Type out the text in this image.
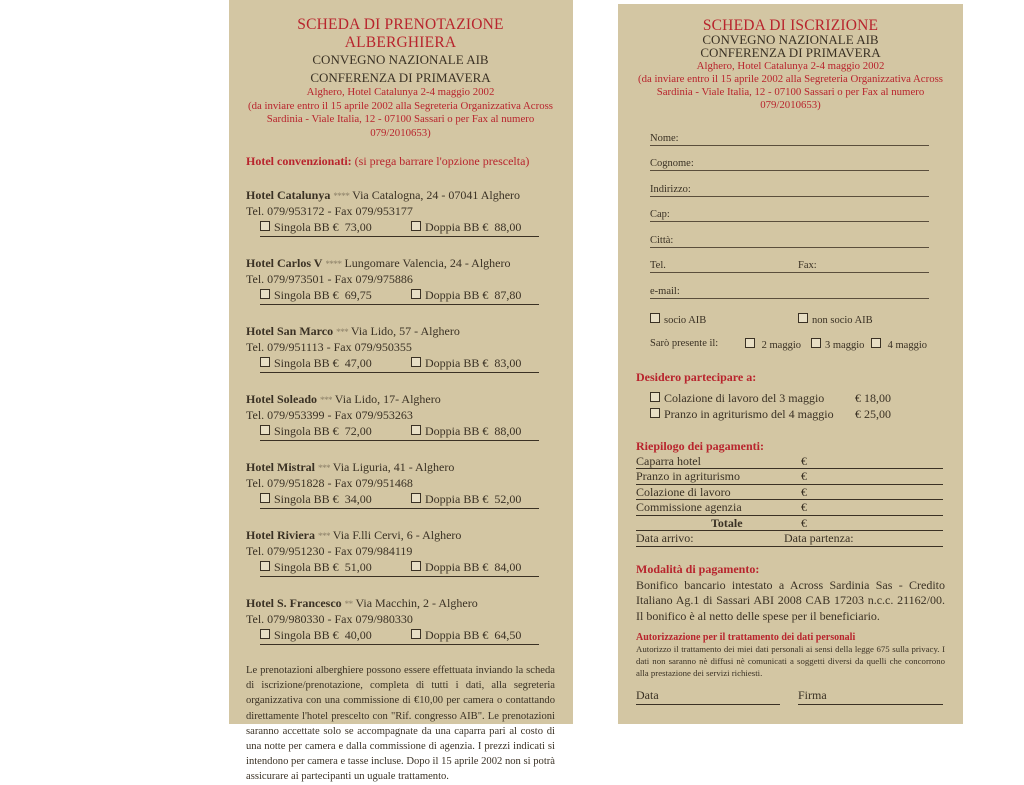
SCHEDA DI PRENOTAZIONE ALBERGHIERA
CONVEGNO NAZIONALE AIB
CONFERENZA DI PRIMAVERA
Alghero, Hotel Catalunya 2-4 maggio 2002
(da inviare entro il 15 aprile 2002 alla Segreteria Organizzativa Across Sardinia - Viale Italia, 12 - 07100 Sassari o per Fax al numero 079/2010653)
Hotel convenzionati: (si prega barrare l'opzione prescelta)
Hotel Catalunya **** Via Catalogna, 24 - 07041 Alghero
Tel. 079/953172 - Fax 079/953177
Singola BB € 73,00	Doppia BB € 88,00
Hotel Carlos V **** Lungomare Valencia, 24 - Alghero
Tel. 079/973501 - Fax 079/975886
Singola BB € 69,75	Doppia BB € 87,80
Hotel San Marco *** Via Lido, 57 - Alghero
Tel. 079/951113 - Fax 079/950355
Singola BB € 47,00	Doppia BB € 83,00
Hotel Soleado *** Via Lido, 17- Alghero
Tel. 079/953399 - Fax 079/953263
Singola BB € 72,00	Doppia BB € 88,00
Hotel Mistral *** Via Liguria, 41 - Alghero
Tel. 079/951828 - Fax 079/951468
Singola BB € 34,00	Doppia BB € 52,00
Hotel Riviera *** Via F.lli Cervi, 6 - Alghero
Tel. 079/951230 - Fax 079/984119
Singola BB € 51,00	Doppia BB € 84,00
Hotel S. Francesco ** Via Macchin, 2 - Alghero
Tel. 079/980330 - Fax 079/980330
Singola BB € 40,00	Doppia BB € 64,50
Le prenotazioni alberghiere possono essere effettuata inviando la scheda di iscrizione/prenotazione, completa di tutti i dati, alla segreteria organizzativa con una commissione di €10,00 per camera o contattando direttamente l'hotel prescelto con "Rif. congresso AIB". Le prenotazioni saranno accettate solo se accompagnate da una caparra pari al costo di una notte per camera e dalla commissione di agenzia. I prezzi indicati si intendono per camera e tasse incluse. Dopo il 15 aprile 2002 non si potrà assicurare ai partecipanti un uguale trattamento.
SCHEDA DI ISCRIZIONE
CONVEGNO NAZIONALE AIB
CONFERENZA DI PRIMAVERA
Alghero, Hotel Catalunya 2-4 maggio 2002
(da inviare entro il 15 aprile 2002 alla Segreteria Organizzativa Across Sardinia - Viale Italia, 12 - 07100 Sassari o per Fax al numero 079/2010653)
Nome:
Cognome:
Indirizzo:
Cap:
Città:
Tel.	Fax:
e-mail:
socio AIB	non socio AIB
Sarò presente il:	2 maggio	3 maggio	4 maggio
Desidero partecipare a:
Colazione di lavoro del 3 maggio	€ 18,00
Pranzo in agriturismo del 4 maggio € 25,00
Riepilogo dei pagamenti:
Caparra hotel	€
Pranzo in agriturismo	€
Colazione di lavoro	€
Commissione agenzia	€
Totale	€
Data arrivo:	Data partenza:
Modalità di pagamento:
Bonifico bancario intestato a Across Sardinia Sas - Credito Italiano Ag.1 di Sassari ABI 2008 CAB 17203 n.c.c. 21162/00. Il bonifico è al netto delle spese per il beneficiario.
Autorizzazione per il trattamento dei dati personali
Autorizzo il trattamento dei miei dati personali ai sensi della legge 675 sulla privacy. I dati non saranno nè diffusi nè comunicati a soggetti diversi da quelli che concorrono alla prestazione dei servizi richiesti.
Data	Firma
